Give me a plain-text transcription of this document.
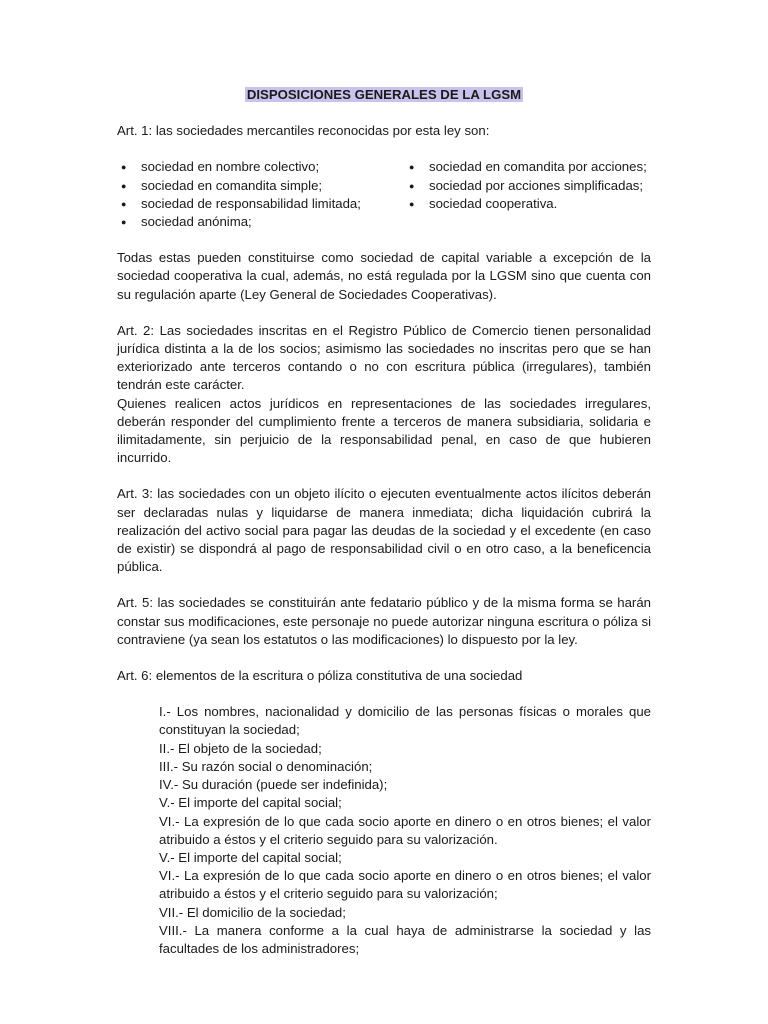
DISPOSICIONES GENERALES DE LA LGSM

Art. 1: las sociedades mercantiles reconocidas por esta ley son:

● sociedad en nombre colectivo;
● sociedad en comandita simple;
● sociedad de responsabilidad limitada;
● sociedad anónima;
● sociedad en comandita por acciones;
● sociedad por acciones simplificadas;
● sociedad cooperativa.

Todas estas pueden constituirse como sociedad de capital variable a excepción de la sociedad cooperativa la cual, además, no está regulada por la LGSM sino que cuenta con su regulación aparte (Ley General de Sociedades Cooperativas).

Art. 2: Las sociedades inscritas en el Registro Público de Comercio tienen personalidad jurídica distinta a la de los socios; asimismo las sociedades no inscritas pero que se han exteriorizado ante terceros contando o no con escritura pública (irregulares), también tendrán este carácter.

Quienes realicen actos jurídicos en representaciones de las sociedades irregulares, deberán responder del cumplimiento frente a terceros de manera subsidiaria, solidaria e ilimitadamente, sin perjuicio de la responsabilidad penal, en caso de que hubieren incurrido.

Art. 3: las sociedades con un objeto ilícito o ejecuten eventualmente actos ilícitos deberán ser declaradas nulas y liquidarse de manera inmediata; dicha liquidación cubrirá la realización del activo social para pagar las deudas de la sociedad y el excedente (en caso de existir) se dispondrá al pago de responsabilidad civil o en otro caso, a la beneficencia pública.

Art. 5: las sociedades se constituirán ante fedatario público y de la misma forma se harán constar sus modificaciones, este personaje no puede autorizar ninguna escritura o póliza si contraviene (ya sean los estatutos o las modificaciones) lo dispuesto por la ley.

Art. 6: elementos de la escritura o póliza constitutiva de una sociedad

I.- Los nombres, nacionalidad y domicilio de las personas físicas o morales que constituyan la sociedad;
II.- El objeto de la sociedad;
III.- Su razón social o denominación;
IV.- Su duración (puede ser indefinida);
V.- El importe del capital social;
VI.- La expresión de lo que cada socio aporte en dinero o en otros bienes; el valor atribuido a éstos y el criterio seguido para su valorización.
V.- El importe del capital social;
VI.- La expresión de lo que cada socio aporte en dinero o en otros bienes; el valor atribuido a éstos y el criterio seguido para su valorización;
VII.- El domicilio de la sociedad;
VIII.- La manera conforme a la cual haya de administrarse la sociedad y las facultades de los administradores;
